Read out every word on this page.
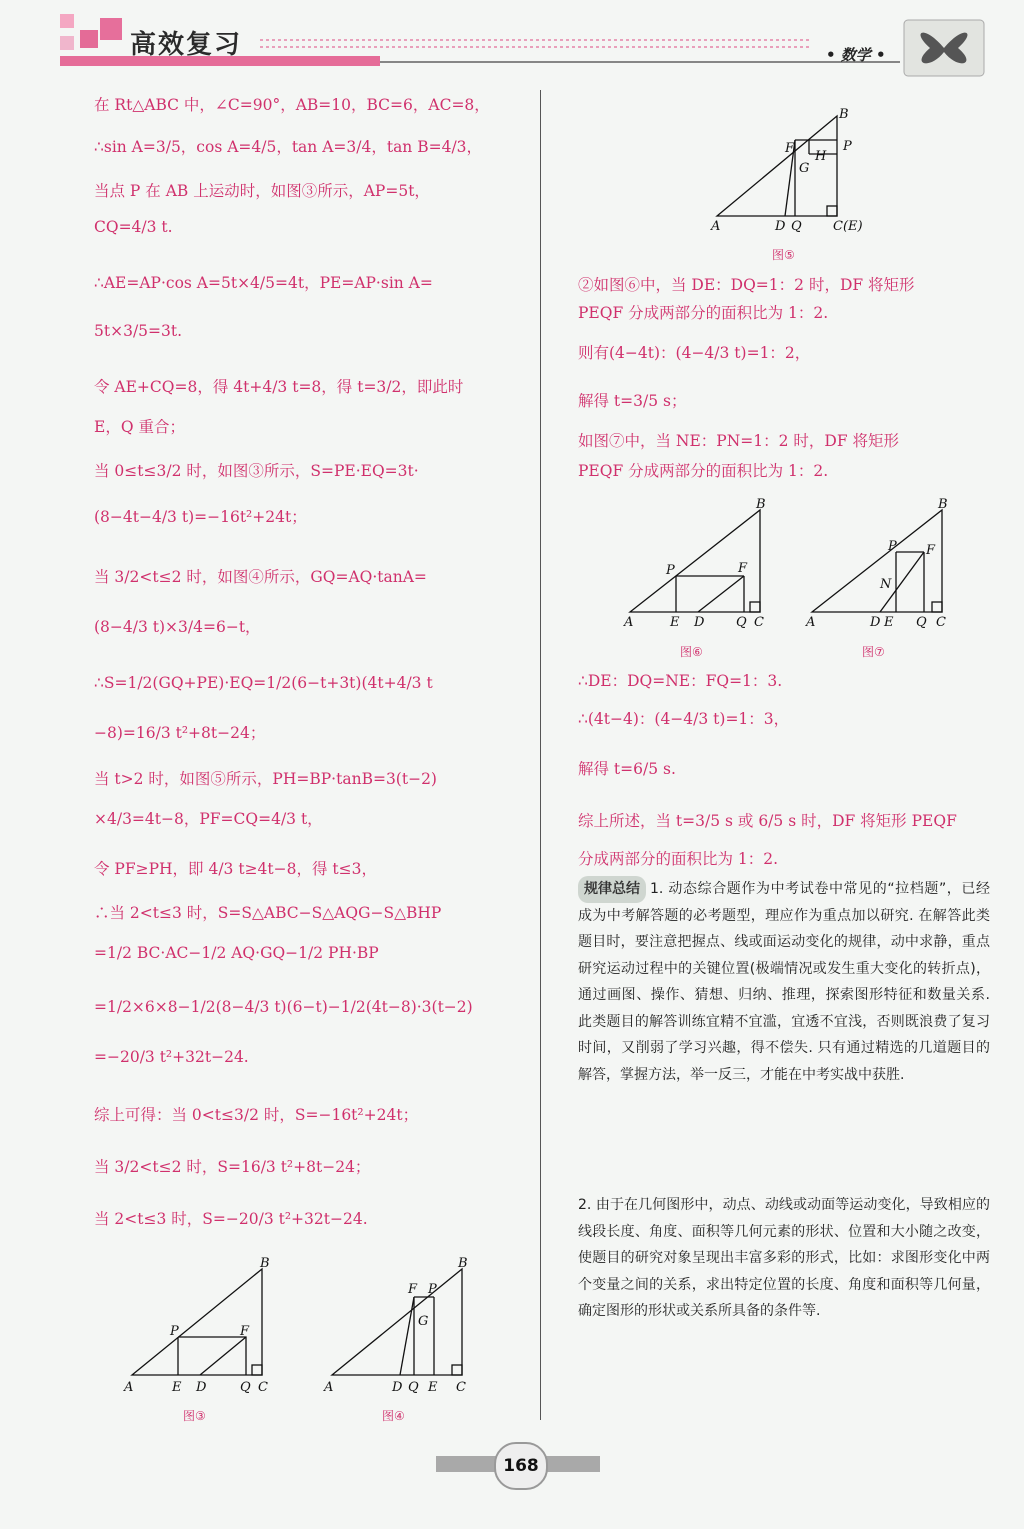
高效复习	• 数学 •
在 Rt△ABC 中，∠C=90°，AB=10，BC=6，AC=8，
∴sin A=3/5，cos A=4/5，tan A=3/4，tan B=4/3，
当点 P 在 AB 上运动时，如图③所示，AP=5t，
CQ=4/3 t.
∴AE=AP·cos A=5t×4/5=4t，PE=AP·sin A=
5t×3/5=3t.
令 AE+CQ=8，得 4t+4/3 t=8，得 t=3/2，即此时
E，Q 重合；
当 0≤t≤3/2 时，如图③所示，S=PE·EQ=3t·
(8−4t−4/3 t)=−16t²+24t；
当 3/2<t≤2 时，如图④所示，GQ=AQ·tanA=
(8−4/3 t)×3/4=6−t，
∴S=1/2(GQ+PE)·EQ=1/2(6−t+3t)(4t+4/3 t
−8)=16/3 t²+8t−24；
当 t>2 时，如图⑤所示，PH=BP·tanB=3(t−2)
×4/3=4t−8，PF=CQ=4/3 t，
令 PF≥PH，即 4/3 t≥4t−8，得 t≤3，
∴当 2<t≤3 时，S=S△ABC−S△AQG−S△BHP
=1/2 BC·AC−1/2 AQ·GQ−1/2 PH·BP
=1/2×6×8−1/2(8−4/3 t)(6−t)−1/2(4t−8)·3(t−2)
=−20/3 t²+32t−24.
综上可得：当 0<t≤3/2 时，S=−16t²+24t；
当 3/2<t≤2 时，S=16/3 t²+8t−24；
当 2<t≤3 时，S=−20/3 t²+32t−24.
A	E D	Q C
B
P	F
图③
A	D Q E C
B
F P
G
图④
A	D Q C(E)
B
F
H
P
G
图⑤
②如图⑥中，当 DE：DQ=1：2 时，DF 将矩形
PEQF 分成两部分的面积比为 1：2.
则有(4−4t)：(4−4/3 t)=1：2，
解得 t=3/5 s；
如图⑦中，当 NE：PN=1：2 时，DF 将矩形
PEQF 分成两部分的面积比为 1：2.
A	E D Q C
B
P	F
图⑥
A	D E Q C
B
P F
N
图⑦
∴DE：DQ=NE：FQ=1：3.
∴(4t−4)：(4−4/3 t)=1：3，
解得 t=6/5 s.
综上所述，当 t=3/5 s 或 6/5 s 时，DF 将矩形 PEQF
分成两部分的面积比为 1：2.
规律总结 1. 动态综合题作为中考试卷中常见的“拉档题”，已经成为中考解答题的必考题型，理应作为重点加以研究. 在解答此类题目时，要注意把握点、线或面运动变化的规律，动中求静，重点研究运动过程中的关键位置(极端情况或发生重大变化的转折点)，通过画图、操作、猜想、归纳、推理，探索图形特征和数量关系. 此类题目的解答训练宜精不宜滥，宜透不宜浅，否则既浪费了复习时间，又削弱了学习兴趣，得不偿失. 只有通过精选的几道题目的解答，掌握方法，举一反三，才能在中考实战中获胜.
2. 由于在几何图形中，动点、动线或动面等运动变化，导致相应的线段长度、角度、面积等几何元素的形状、位置和大小随之改变，使题目的研究对象呈现出丰富多彩的形式，比如：求图形变化中两个变量之间的关系，求出特定位置的长度、角度和面积等几何量，确定图形的形状或关系所具备的条件等.
168
